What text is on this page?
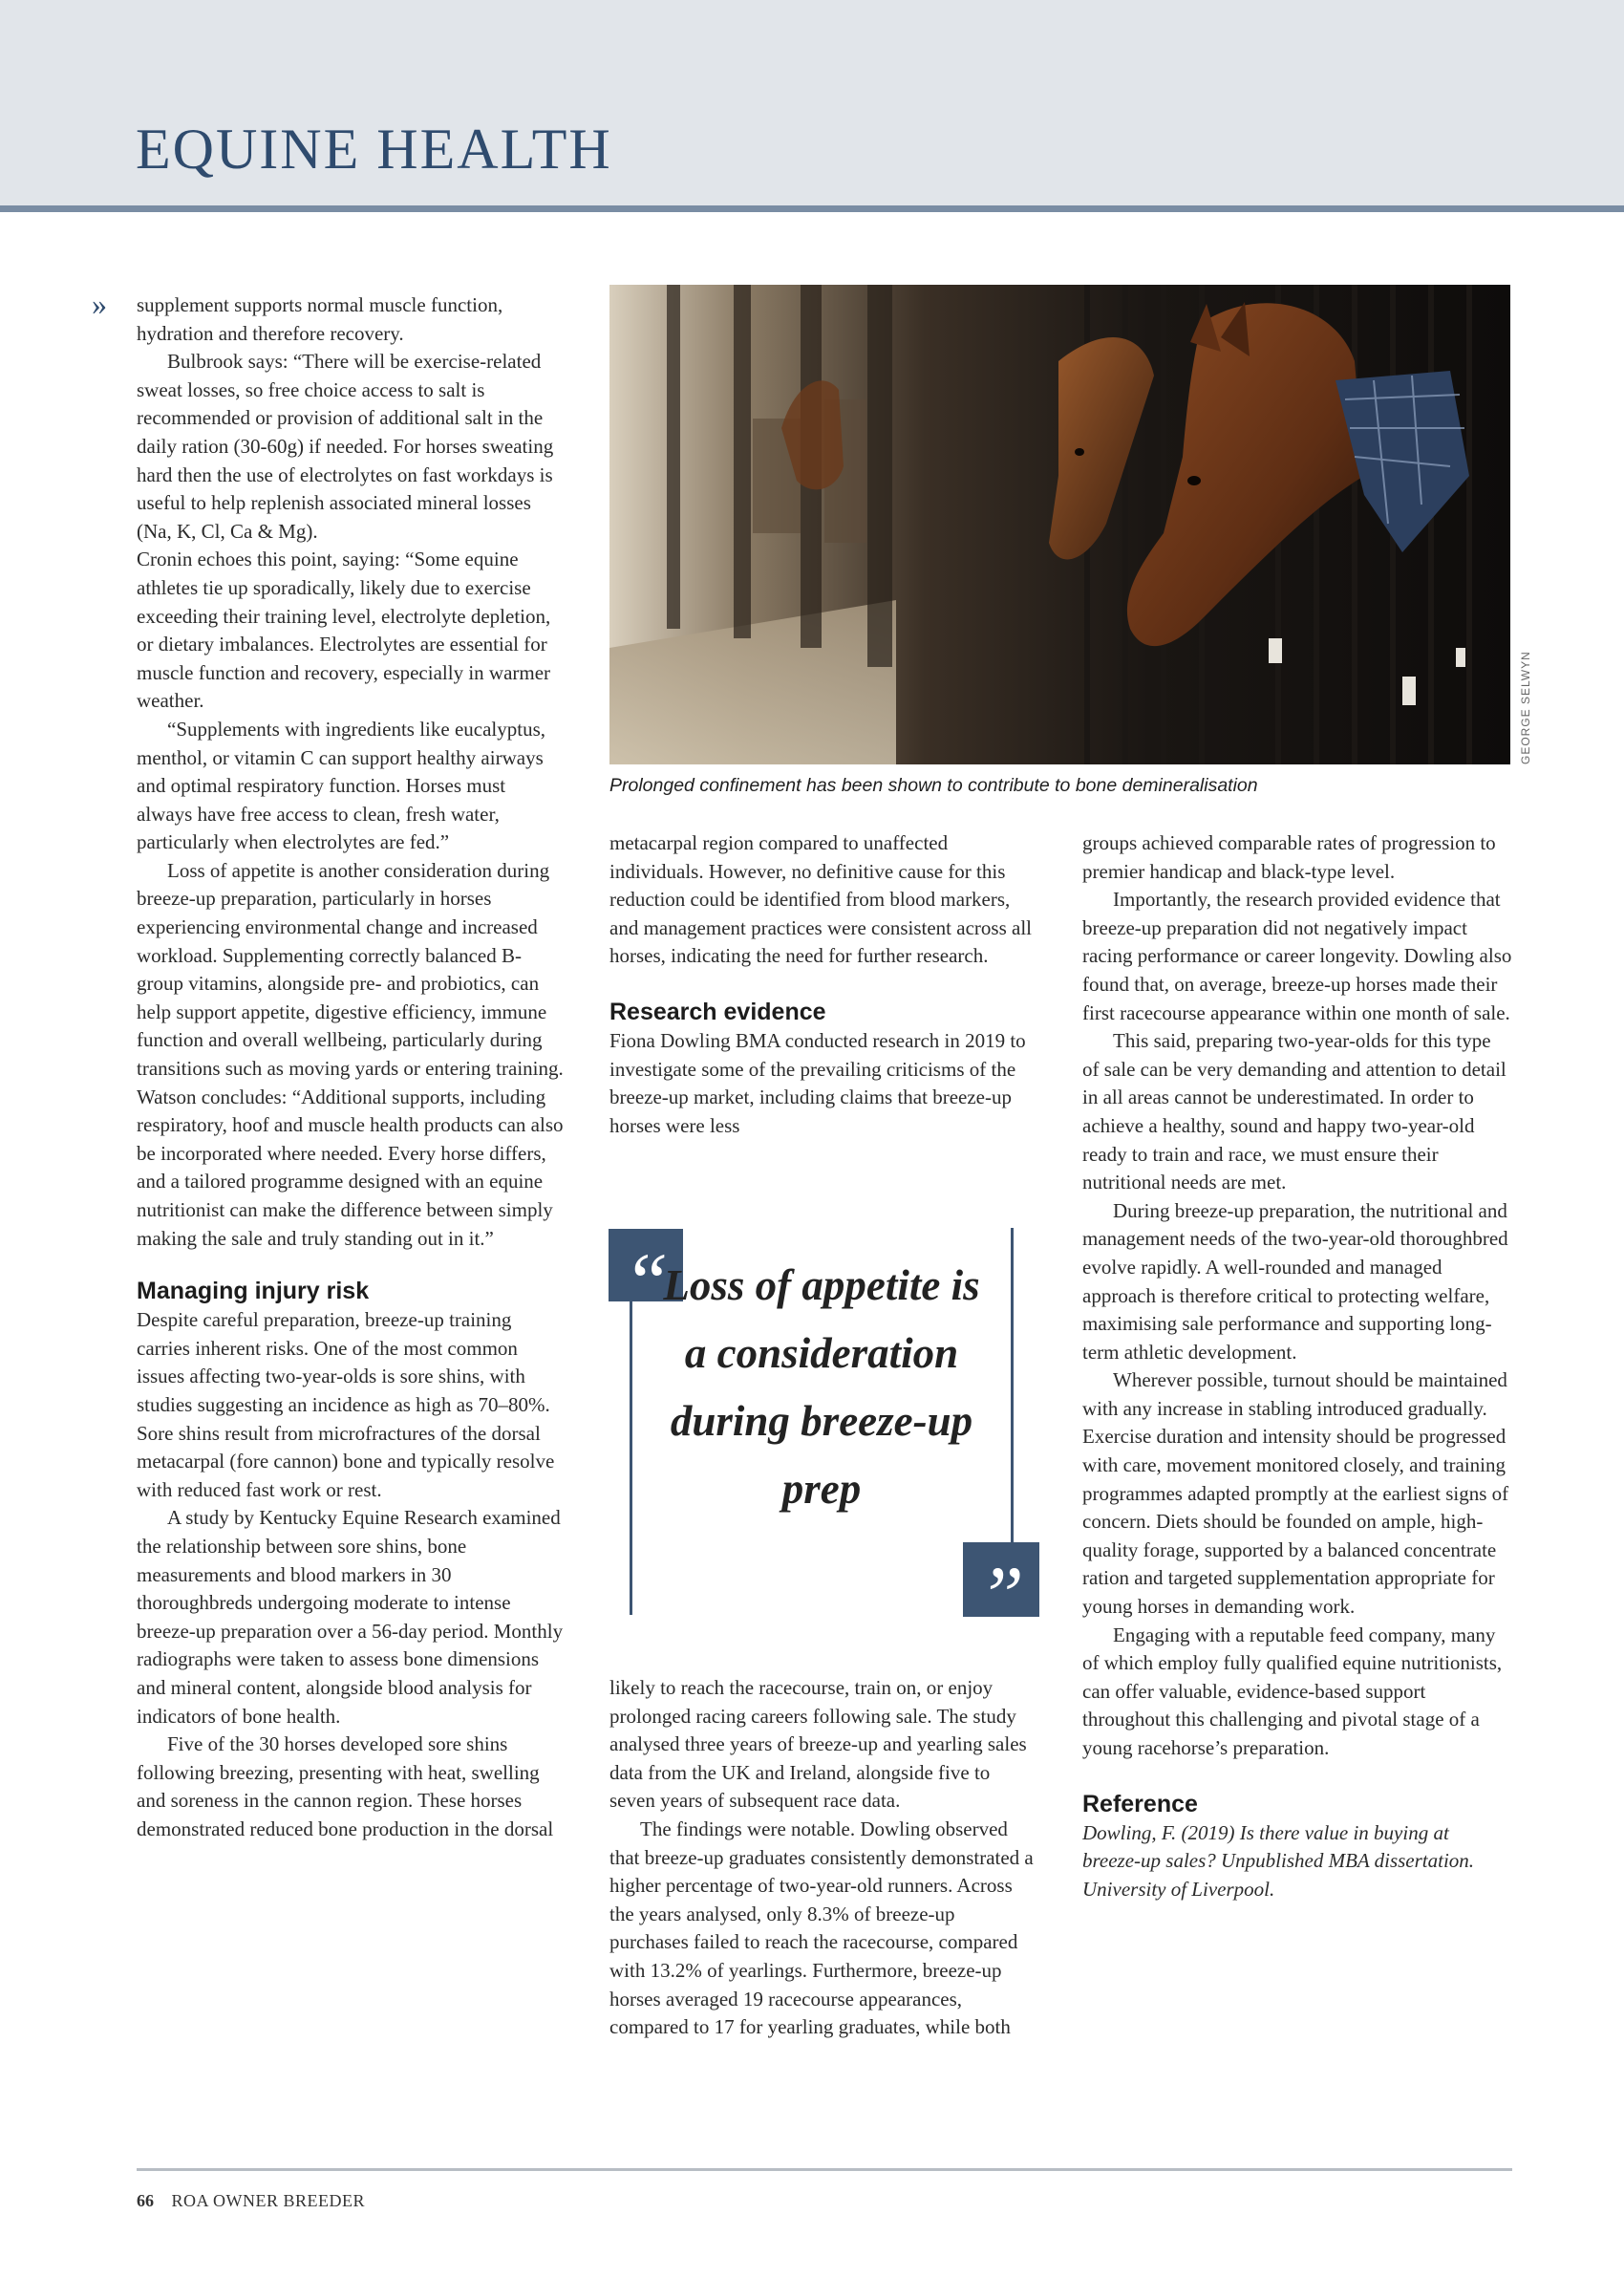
EQUINE HEALTH
» supplement supports normal muscle function, hydration and therefore recovery.

Bulbrook says: “There will be exercise-related sweat losses, so free choice access to salt is recommended or provision of additional salt in the daily ration (30-60g) if needed. For horses sweating hard then the use of electrolytes on fast workdays is useful to help replenish associated mineral losses (Na, K, Cl, Ca & Mg).

Cronin echoes this point, saying: “Some equine athletes tie up sporadically, likely due to exercise exceeding their training level, electrolyte depletion, or dietary imbalances. Electrolytes are essential for muscle function and recovery, especially in warmer weather.

“Supplements with ingredients like eucalyptus, menthol, or vitamin C can support healthy airways and optimal respiratory function. Horses must always have free access to clean, fresh water, particularly when electrolytes are fed.”

Loss of appetite is another consideration during breeze-up preparation, particularly in horses experiencing environmental change and increased workload. Supplementing correctly balanced B-group vitamins, alongside pre- and probiotics, can help support appetite, digestive efficiency, immune function and overall wellbeing, particularly during transitions such as moving yards or entering training.

Watson concludes: “Additional supports, including respiratory, hoof and muscle health products can also be incorporated where needed. Every horse differs, and a tailored programme designed with an equine nutritionist can make the difference between simply making the sale and truly standing out in it.”

Managing injury risk

Despite careful preparation, breeze-up training carries inherent risks. One of the most common issues affecting two-year-olds is sore shins, with studies suggesting an incidence as high as 70–80%. Sore shins result from microfractures of the dorsal metacarpal (fore cannon) bone and typically resolve with reduced fast work or rest.

A study by Kentucky Equine Research examined the relationship between sore shins, bone measurements and blood markers in 30 thoroughbreds undergoing moderate to intense breeze-up preparation over a 56-day period. Monthly radiographs were taken to assess bone dimensions and mineral content, alongside blood analysis for indicators of bone health.

Five of the 30 horses developed sore shins following breezing, presenting with heat, swelling and soreness in the cannon region. These horses demonstrated reduced bone production in the dorsal

GEORGE SELWYN
Prolonged confinement has been shown to contribute to bone demineralisation

metacarpal region compared to unaffected individuals. However, no definitive cause for this reduction could be identified from blood markers, and management practices were consistent across all horses, indicating the need for further research.

Research evidence

Fiona Dowling BMA conducted research in 2019 to investigate some of the prevailing criticisms of the breeze-up market, including claims that breeze-up horses were less

“
”
Loss of appetite is a consideration during breeze-up prep

likely to reach the racecourse, train on, or enjoy prolonged racing careers following sale. The study analysed three years of breeze-up and yearling sales data from the UK and Ireland, alongside five to seven years of subsequent race data.

The findings were notable. Dowling observed that breeze-up graduates consistently demonstrated a higher percentage of two-year-old runners. Across the years analysed, only 8.3% of breeze-up purchases failed to reach the racecourse, compared with 13.2% of yearlings. Furthermore, breeze-up horses averaged 19 racecourse appearances, compared to 17 for yearling graduates, while both

groups achieved comparable rates of progression to premier handicap and black-type level.

Importantly, the research provided evidence that breeze-up preparation did not negatively impact racing performance or career longevity. Dowling also found that, on average, breeze-up horses made their first racecourse appearance within one month of sale.

This said, preparing two-year-olds for this type of sale can be very demanding and attention to detail in all areas cannot be underestimated. In order to achieve a healthy, sound and happy two-year-old ready to train and race, we must ensure their nutritional needs are met.

During breeze-up preparation, the nutritional and management needs of the two-year-old thoroughbred evolve rapidly. A well-rounded and managed approach is therefore critical to protecting welfare, maximising sale performance and supporting long-term athletic development.

Wherever possible, turnout should be maintained with any increase in stabling introduced gradually. Exercise duration and intensity should be progressed with care, movement monitored closely, and training programmes adapted promptly at the earliest signs of concern. Diets should be founded on ample, high-quality forage, supported by a balanced concentrate ration and targeted supplementation appropriate for young horses in demanding work.

Engaging with a reputable feed company, many of which employ fully qualified equine nutritionists, can offer valuable, evidence-based support throughout this challenging and pivotal stage of a young racehorse’s preparation.

Reference

Dowling, F. (2019) Is there value in buying at breeze-up sales? Unpublished MBA dissertation. University of Liverpool.

66 ROA OWNER BREEDER
